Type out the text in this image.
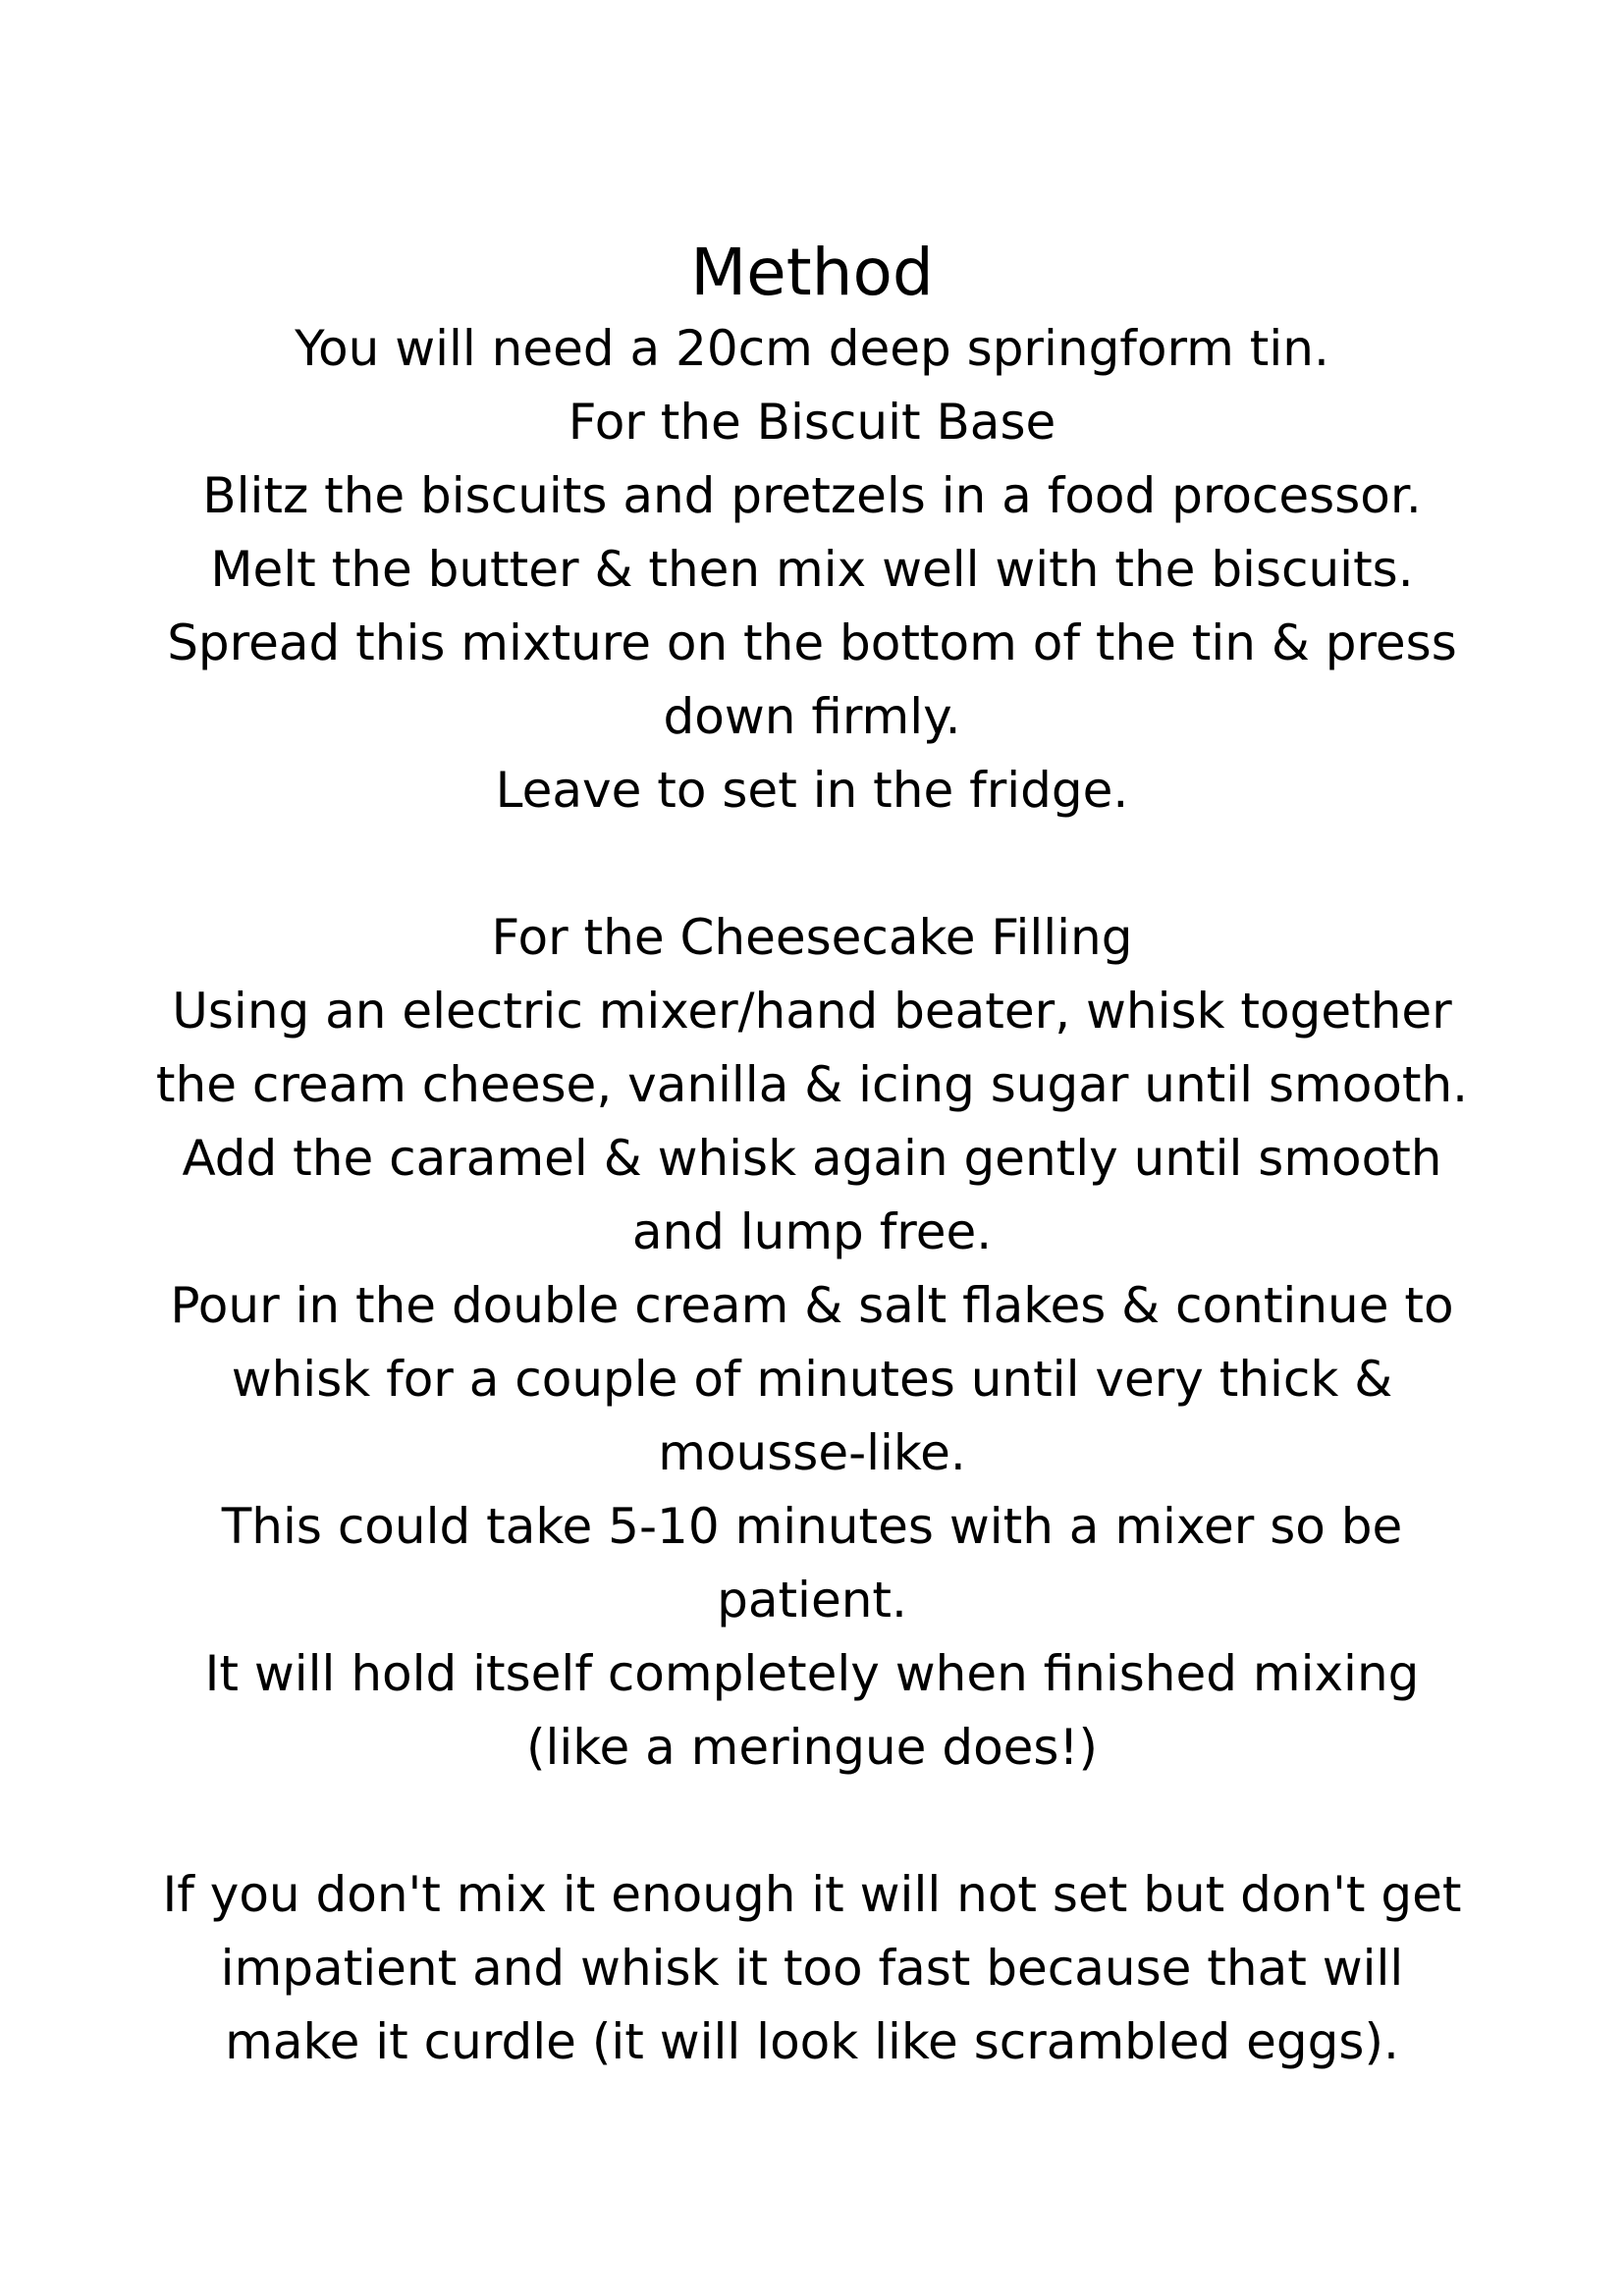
Method

You will need a 20cm deep springform tin.

For the Biscuit Base

Blitz the biscuits and pretzels in a food processor.

Melt the butter & then mix well with the biscuits.

Spread this mixture on the bottom of the tin & press

down firmly.

Leave to set in the fridge.

For the Cheesecake Filling

Using an electric mixer/hand beater, whisk together

the cream cheese, vanilla & icing sugar until smooth.

Add the caramel & whisk again gently until smooth

and lump free.

Pour in the double cream & salt flakes & continue to

whisk for a couple of minutes until very thick &

mousse-like.

This could take 5-10 minutes with a mixer so be

patient.

It will hold itself completely when finished mixing

(like a meringue does!)

If you don't mix it enough it will not set but don't get

impatient and whisk it too fast because that will

make it curdle (it will look like scrambled eggs).
